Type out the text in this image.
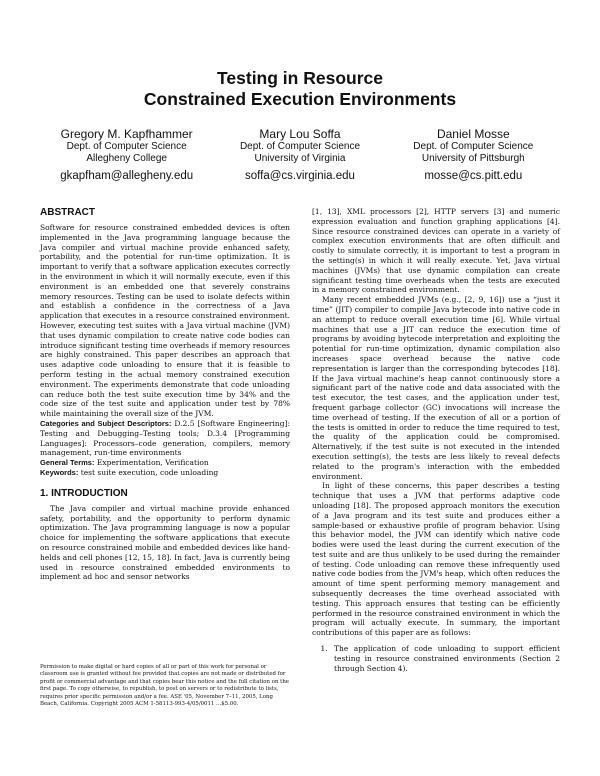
Testing in Resource
Constrained Execution Environments
Gregory M. Kapfhammer
Dept. of Computer Science
Allegheny College
gkapfham@allegheny.edu
Mary Lou Soffa
Dept. of Computer Science
University of Virginia
soffa@cs.virginia.edu
Daniel Mosse
Dept. of Computer Science
University of Pittsburgh
mosse@cs.pitt.edu
ABSTRACT

Software for resource constrained embedded devices is often implemented in the Java programming language because the Java compiler and virtual machine provide enhanced safety, portability, and the potential for run-time optimization. It is important to verify that a software application executes correctly in the environment in which it will normally execute, even if this environment is an embedded one that severely constrains memory resources. Testing can be used to isolate defects within and establish a confidence in the correctness of a Java application that executes in a resource constrained environment. However, executing test suites with a Java virtual machine (JVM) that uses dynamic compilation to create native code bodies can introduce significant testing time overheads if memory resources are highly constrained. This paper describes an approach that uses adaptive code unloading to ensure that it is feasible to perform testing in the actual memory constrained execution environment. The experiments demonstrate that code unloading can reduce both the test suite execution time by 34% and the code size of the test suite and application under test by 78% while maintaining the overall size of the JVM.

Categories and Subject Descriptors: D.2.5 [Software Engineering]: Testing and Debugging–Testing tools; D.3.4 [Programming Languages]: Processors–code generation, compilers, memory management, run-time environments

General Terms: Experimentation, Verification

Keywords: test suite execution, code unloading

1. INTRODUCTION

The Java compiler and virtual machine provide enhanced safety, portability, and the opportunity to perform dynamic optimization. The Java programming language is now a popular choice for implementing the software applications that execute on resource constrained mobile and embedded devices like hand-helds and cell phones [12, 15, 18]. In fact, Java is currently being used in resource constrained embedded environments to implement ad hoc and sensor networks

Permission to make digital or hard copies of all or part of this work for personal or classroom use is granted without fee provided that copies are not made or distributed for profit or commercial advantage and that copies bear this notice and the full citation on the first page. To copy otherwise, to republish, to post on servers or to redistribute to lists, requires prior specific permission and/or a fee. ASE '05, November 7–11, 2005, Long Beach, California. Copyright 2005 ACM 1-58113-993-4/05/0011 ...$5.00.

[1, 13], XML processors [2], HTTP servers [3] and numeric expression evaluation and function graphing applications [4]. Since resource constrained devices can operate in a variety of complex execution environments that are often difficult and costly to simulate correctly, it is important to test a program in the setting(s) in which it will really execute. Yet, Java virtual machines (JVMs) that use dynamic compilation can create significant testing time overheads when the tests are executed in a memory constrained environment.

Many recent embedded JVMs (e.g., [2, 9, 16]) use a “just it time” (JIT) compiler to compile Java bytecode into native code in an attempt to reduce overall execution time [6]. While virtual machines that use a JIT can reduce the execution time of programs by avoiding bytecode interpretation and exploiting the potential for run-time optimization, dynamic compilation also increases space overhead because the native code representation is larger than the corresponding bytecodes [18]. If the Java virtual machine's heap cannot continuously store a significant part of the native code and data associated with the test executor, the test cases, and the application under test, frequent garbage collector (GC) invocations will increase the time overhead of testing. If the execution of all or a portion of the tests is omitted in order to reduce the time required to test, the quality of the application could be compromised. Alternatively, if the test suite is not executed in the intended execution setting(s), the tests are less likely to reveal defects related to the program's interaction with the embedded environment.

In light of these concerns, this paper describes a testing technique that uses a JVM that performs adaptive code unloading [18]. The proposed approach monitors the execution of a Java program and its test suite and produces either a sample-based or exhaustive profile of program behavior. Using this behavior model, the JVM can identify which native code bodies were used the least during the current execution of the test suite and are thus unlikely to be used during the remainder of testing. Code unloading can remove these infrequently used native code bodies from the JVM's heap, which often reduces the amount of time spent performing memory management and subsequently decreases the time overhead associated with testing. This approach ensures that testing can be efficiently performed in the resource constrained environment in which the program will actually execute. In summary, the important contributions of this paper are as follows:

1. The application of code unloading to support efficient testing in resource constrained environments (Section 2 through Section 4).
